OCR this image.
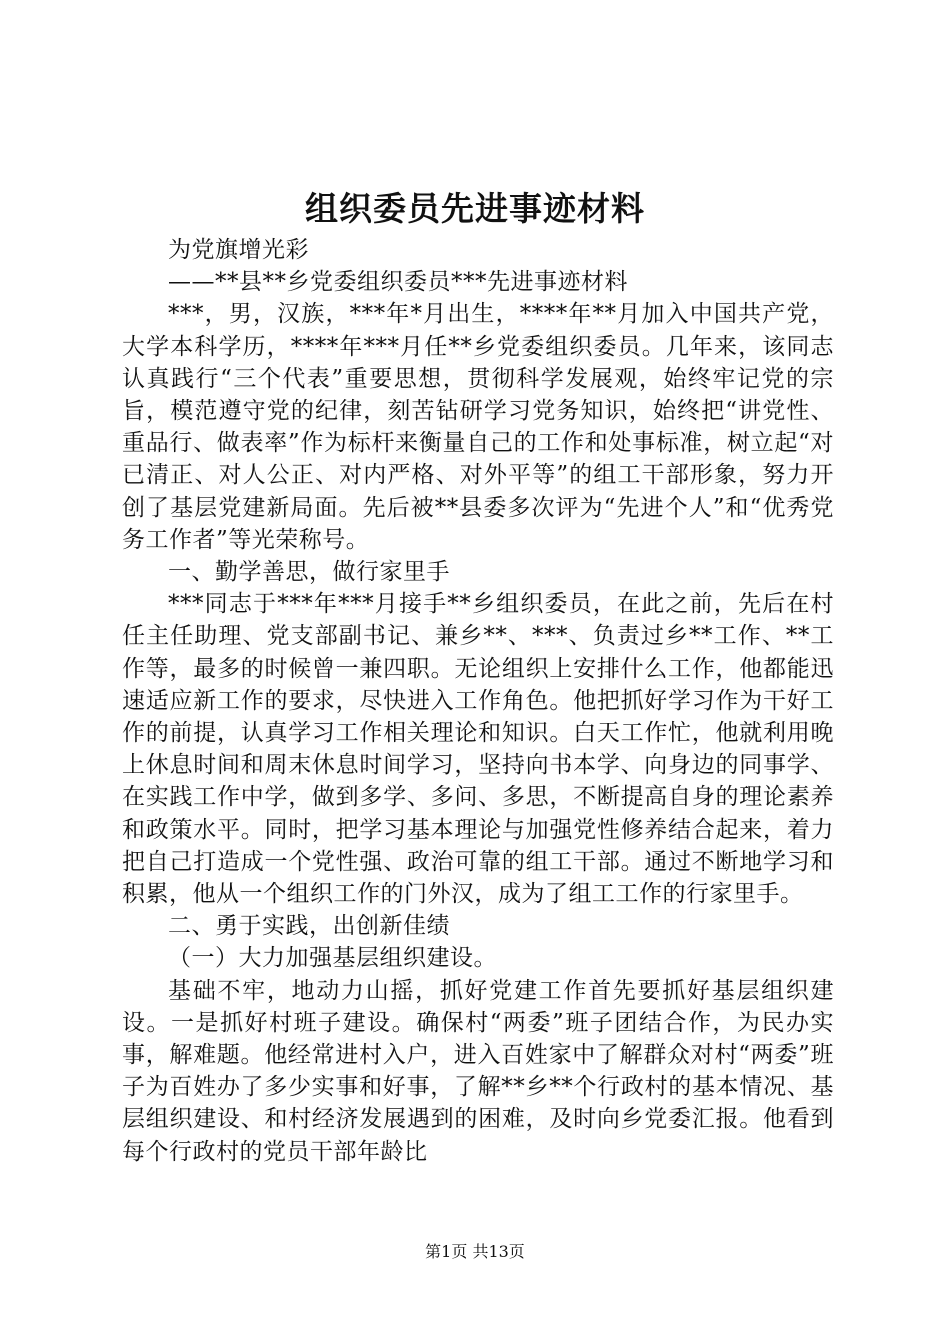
组织委员先进事迹材料

为党旗增光彩

——**县**乡党委组织委员***先进事迹材料

***，男，汉族，***年*月出生，****年**月加入中国共产党，大学本科学历，****年***月任**乡党委组织委员。几年来，该同志认真践行“三个代表”重要思想，贯彻科学发展观，始终牢记党的宗旨，模范遵守党的纪律，刻苦钻研学习党务知识，始终把“讲党性、重品行、做表率”作为标杆来衡量自己的工作和处事标准，树立起“对已清正、对人公正、对内严格、对外平等”的组工干部形象，努力开创了基层党建新局面。先后被**县委多次评为“先进个人”和“优秀党务工作者”等光荣称号。

一、勤学善思，做行家里手

***同志于***年***月接手**乡组织委员，在此之前，先后在村任主任助理、党支部副书记、兼乡**、***、负责过乡**工作、**工作等，最多的时候曾一兼四职。无论组织上安排什么工作，他都能迅速适应新工作的要求，尽快进入工作角色。他把抓好学习作为干好工作的前提，认真学习工作相关理论和知识。白天工作忙，他就利用晚上休息时间和周末休息时间学习，坚持向书本学、向身边的同事学、在实践工作中学，做到多学、多问、多思，不断提高自身的理论素养和政策水平。同时，把学习基本理论与加强党性修养结合起来，着力把自己打造成一个党性强、政治可靠的组工干部。通过不断地学习和积累，他从一个组织工作的门外汉，成为了组工工作的行家里手。

二、勇于实践，出创新佳绩

（一）大力加强基层组织建设。

基础不牢，地动力山摇，抓好党建工作首先要抓好基层组织建设。一是抓好村班子建设。确保村“两委”班子团结合作，为民办实事，解难题。他经常进村入户，进入百姓家中了解群众对村“两委”班子为百姓办了多少实事和好事，了解**乡**个行政村的基本情况、基层组织建设、和村经济发展遇到的困难，及时向乡党委汇报。他看到每个行政村的党员干部年龄比

第1页 共13页
